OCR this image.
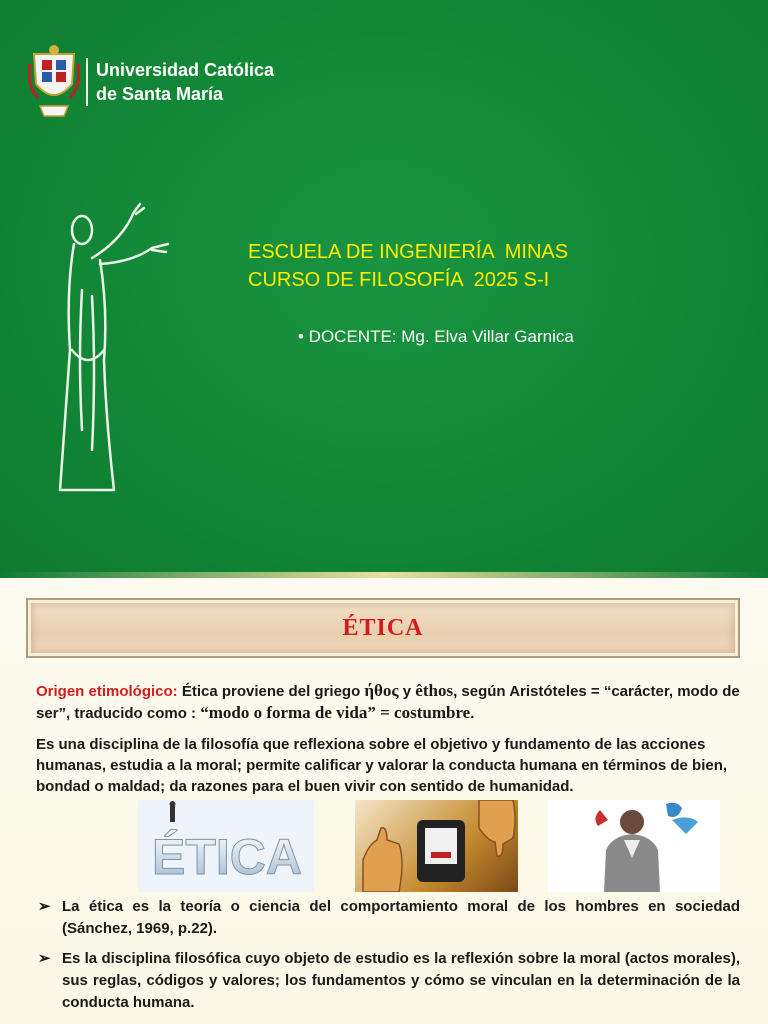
Universidad Católica
de Santa María
ESCUELA DE INGENIERÍA  MINAS
CURSO DE FILOSOFÍA  2025 S-I
• DOCENTE: Mg. Elva Villar Garnica
ÉTICA
Origen etimológico: Ética proviene del griego ήθος y êthos, según Aristóteles = “carácter, modo de ser”, traducido como : “modo o forma de vida” = costumbre.
Es una disciplina de la filosofía que reflexiona sobre el objetivo y fundamento de las acciones humanas, estudia a la moral; permite calificar y valorar la conducta humana en términos de bien, bondad o maldad; da razones para el buen vivir con sentido de humanidad.
ÉTICA
➢ La ética es la teoría o ciencia del comportamiento moral de los hombres en sociedad (Sánchez, 1969, p.22).
➢ Es la disciplina filosófica cuyo objeto de estudio es la reflexión sobre la moral (actos morales), sus reglas, códigos y valores; los fundamentos y cómo se vinculan en la determinación de la conducta humana.
